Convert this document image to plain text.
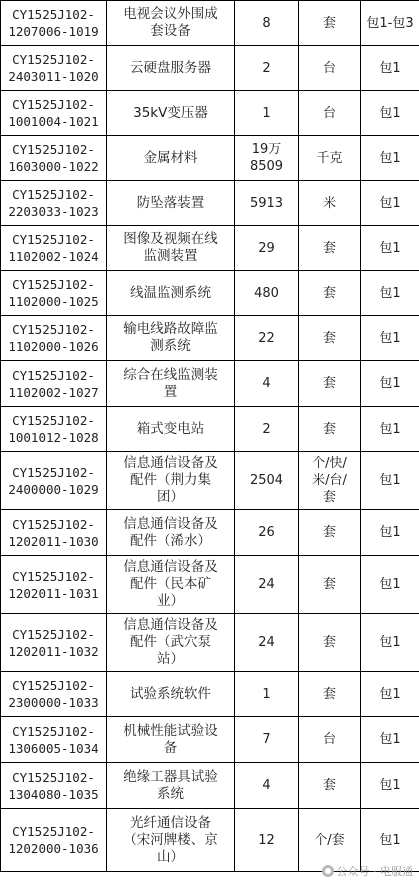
CY1525J102-
1207006-1019	电视会议外围成
套设备	8	套	包1-包3
CY1525J102-
2403011-1020	云硬盘服务器	2	台	包1
CY1525J102-
1001004-1021	35kV变压器	1	台	包1
CY1525J102-
1603000-1022	金属材料	19万
8509	千克	包1
CY1525J102-
2203033-1023	防坠落装置	5913	米	包1
CY1525J102-
1102002-1024	图像及视频在线
监测装置	29	套	包1
CY1525J102-
1102000-1025	线温监测系统	480	套	包1
CY1525J102-
1102000-1026	输电线路故障监
测系统	22	套	包1
CY1525J102-
1102002-1027	综合在线监测装
置	4	套	包1
CY1525J102-
1001012-1028	箱式变电站	2	套	包1
CY1525J102-
2400000-1029	信息通信设备及
配件（荆力集
团）	2504	个/快/
米/台/
套	包1
CY1525J102-
1202011-1030	信息通信设备及
配件（浠水）	26	套	包1
CY1525J102-
1202011-1031	信息通信设备及
配件（民本矿
业）	24	套	包1
CY1525J102-
1202011-1032	信息通信设备及
配件（武穴泵
站）	24	套	包1
CY1525J102-
2300000-1033	试验系统软件	1	套	包1
CY1525J102-
1306005-1034	机械性能试验设
备	7	台	包1
CY1525J102-
1304080-1035	绝缘工器具试验
系统	4	套	包1
CY1525J102-
1202000-1036	光纤通信设备
（宋河牌楼、京
山）	12	个/套	包1
公众号 · 电服通
